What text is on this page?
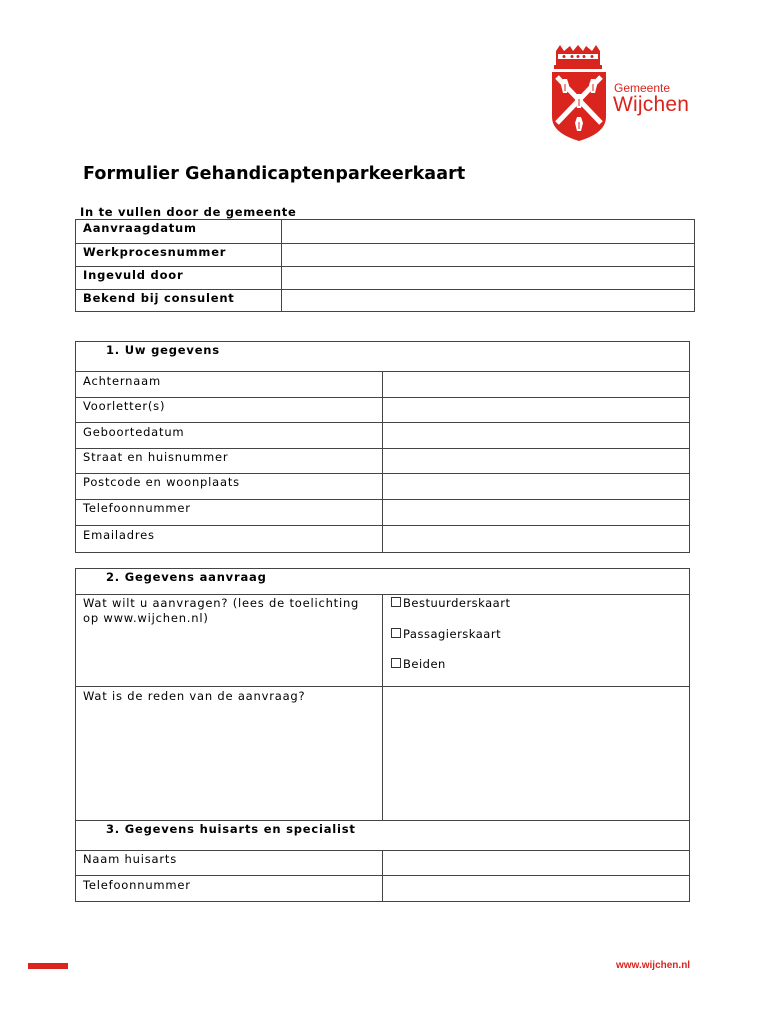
Gemeente
Wijchen
Formulier Gehandicaptenparkeerkaart
In te vullen door de gemeente
Aanvraagdatum
Werkprocesnummer
Ingevuld door
Bekend bij consulent
1. Uw gegevens
Achternaam
Voorletter(s)
Geboortedatum
Straat en huisnummer
Postcode en woonplaats
Telefoonnummer
Emailadres
2. Gegevens aanvraag
Wat wilt u aanvragen? (lees de toelichting
op www.wijchen.nl)
Bestuurderskaart
Passagierskaart
Beiden
Wat is de reden van de aanvraag?
3. Gegevens huisarts en specialist
Naam huisarts
Telefoonnummer
www.wijchen.nl
